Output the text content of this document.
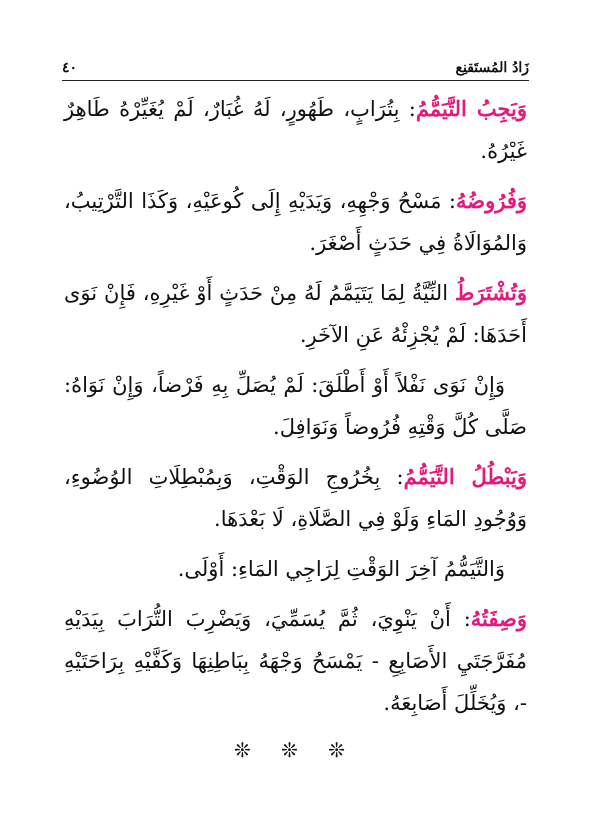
زَادُ المُستَقنِع
٤٠

وَيَجِبُ التَّيَمُّمُ: بِتُرَابٍ، طَهُورٍ، لَهُ غُبَارٌ، لَمْ يُغَيِّرْهُ طَاهِرٌ غَيْرُهُ.

وَفُرُوضُهُ: مَسْحُ وَجْهِهِ، وَيَدَيْهِ إِلَى كُوعَيْهِ، وَكَذَا التَّرْتِيبُ، وَالمُوَالَاةُ فِي حَدَثٍ أَصْغَرَ.

وَتُشْتَرَطُ النِّيَّةُ لِمَا يَتَيَمَّمُ لَهُ مِنْ حَدَثٍ أَوْ غَيْرِهِ، فَإِنْ نَوَى أَحَدَهَا: لَمْ يُجْزِئْهُ عَنِ الآخَرِ.

وَإِنْ نَوَى نَفْلاً أَوْ أَطْلَقَ: لَمْ يُصَلِّ بِهِ فَرْضاً، وَإِنْ نَوَاهُ: صَلَّى كُلَّ وَقْتِهِ فُرُوضاً وَنَوَافِلَ.

وَيَبْطُلُ التَّيَمُّمُ: بِخُرُوجِ الوَقْتِ، وَبِمُبْطِلَاتِ الوُضُوءِ، وَوُجُودِ المَاءِ وَلَوْ فِي الصَّلَاةِ، لَا بَعْدَهَا.

وَالتَّيَمُّمُ آخِرَ الوَقْتِ لِرَاجِي المَاءِ: أَوْلَى.

وَصِفَتُهُ: أَنْ يَنْوِيَ، ثُمَّ يُسَمِّيَ، وَيَضْرِبَ التُّرَابَ بِيَدَيْهِ مُفَرَّجَتَيِ الأَصَابِعِ - يَمْسَحُ وَجْهَهُ بِبَاطِنِهَا وَكَفَّيْهِ بِرَاحَتَيْهِ -، وَيُخَلِّلَ أَصَابِعَهُ.

❊ ❊ ❊
